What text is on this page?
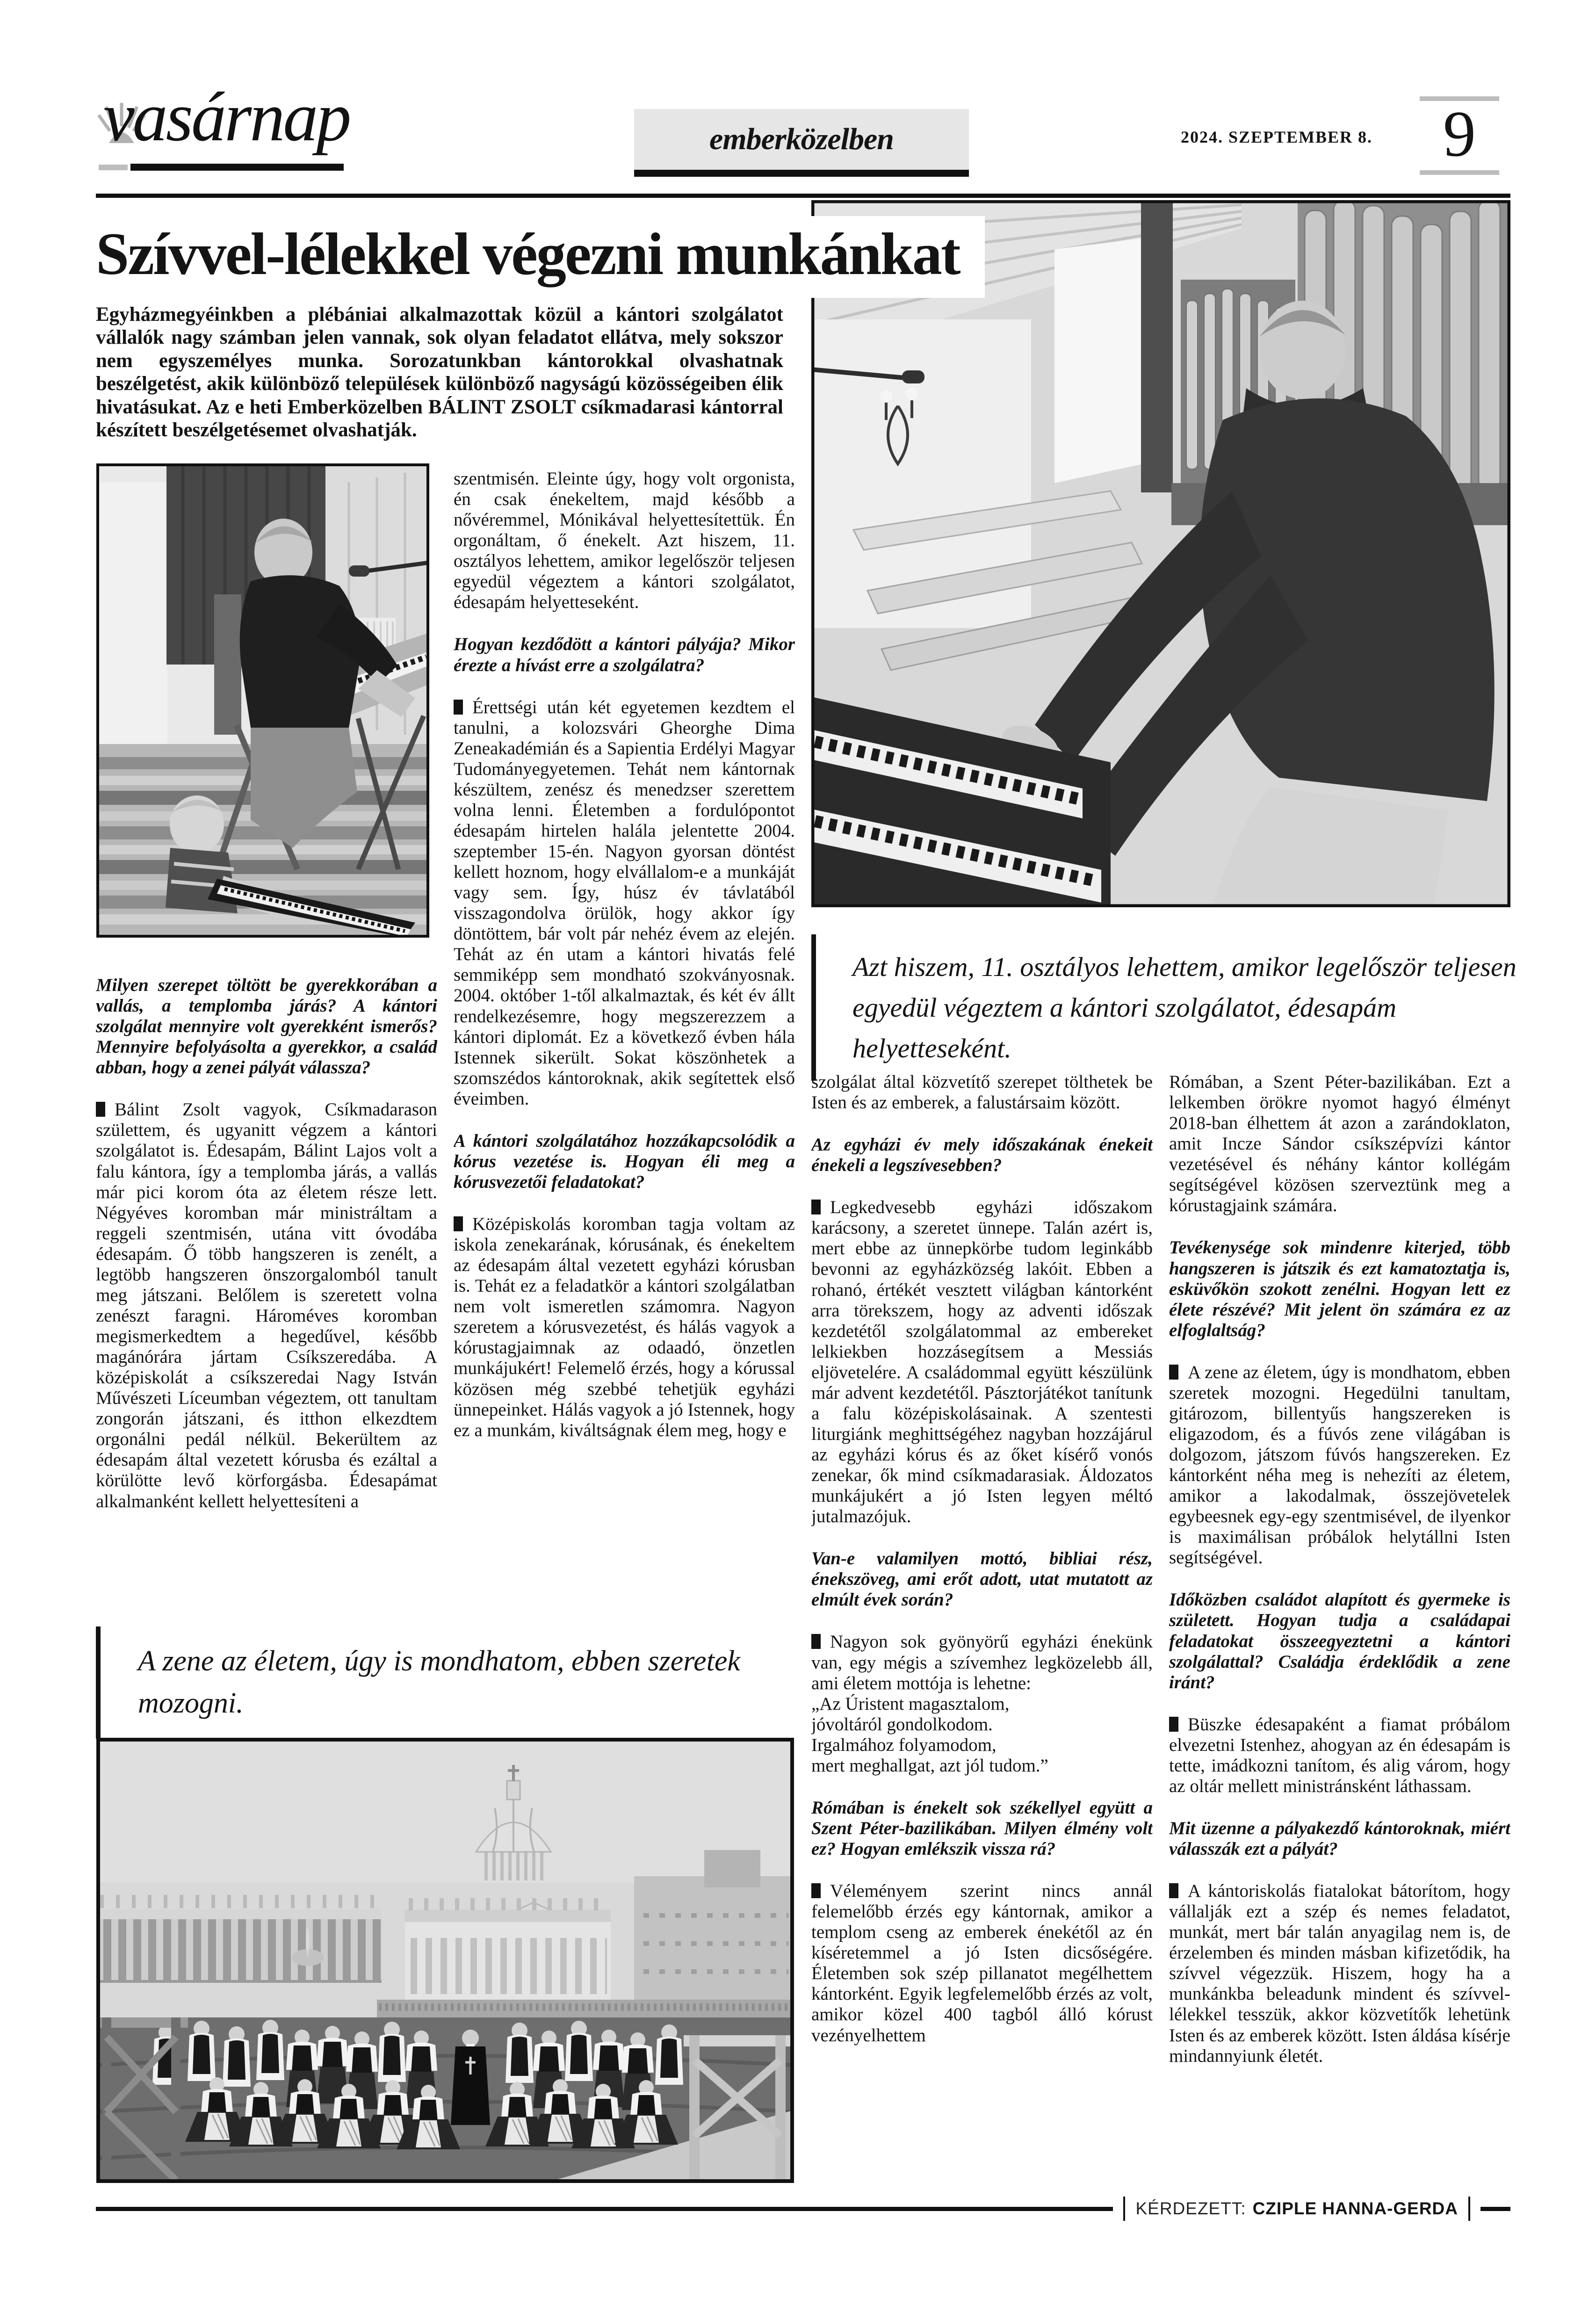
vasárnap	emberközelben	2024. SZEPTEMBER 8.	9
Szívvel-lélekkel végezni munkánkat

Egyházmegyéinkben a plébániai alkalmazottak közül a kántori szolgálatot vállalók nagy számban jelen vannak, sok olyan feladatot ellátva, mely sokszor nem egyszemélyes munka. Sorozatunkban kántorokkal olvashatnak beszélgetést, akik különböző települések különböző nagyságú közösségeiben élik hivatásukat. Az e heti Emberközelben BÁLINT ZSOLT csíkmadarasi kántorral készített beszélgetésemet olvashatják.

Milyen szerepet töltött be gyerekkorában a vallás, a templomba járás? A kántori szolgálat mennyire volt gyerekként ismerős? Mennyire befolyásolta a gyerekkor, a család abban, hogy a zenei pályát válassza?

Bálint Zsolt vagyok, Csíkmadarason születtem, és ugyanitt végzem a kántori szolgálatot is. Édesapám, Bálint Lajos volt a falu kántora, így a templomba járás, a vallás már pici korom óta az életem része lett. Négyéves koromban már ministráltam a reggeli szentmisén, utána vitt óvodába édesapám. Ő több hangszeren is zenélt, a legtöbb hangszeren önszorgalomból tanult meg játszani. Belőlem is szeretett volna zenészt faragni. Hároméves koromban megismerkedtem a hegedűvel, később magánórára jártam Csíkszeredába. A középiskolát a csíkszeredai Nagy István Művészeti Líceumban végeztem, ott tanultam zongorán játszani, és itthon elkezdtem orgonálni pedál nélkül. Bekerültem az édesapám által vezetett kórusba és ezáltal a körülötte levő körforgásba. Édesapámat alkalmanként kellett helyettesíteni a

szentmisén. Eleinte úgy, hogy volt orgonista, én csak énekeltem, majd később a nővéremmel, Mónikával helyettesítettük. Én orgonáltam, ő énekelt. Azt hiszem, 11. osztályos lehettem, amikor legelőször teljesen egyedül végeztem a kántori szolgálatot, édesapám helyetteseként.

Hogyan kezdődött a kántori pályája? Mikor érezte a hívást erre a szolgálatra?

Érettségi után két egyetemen kezdtem el tanulni, a kolozsvári Gheorghe Dima Zeneakadémián és a Sapientia Erdélyi Magyar Tudományegyetemen. Tehát nem kántornak készültem, zenész és menedzser szerettem volna lenni. Életemben a fordulópontot édesapám hirtelen halála jelentette 2004. szeptember 15-én. Nagyon gyorsan döntést kellett hoznom, hogy elvállalom-e a munkáját vagy sem. Így, húsz év távlatából visszagondolva örülök, hogy akkor így döntöttem, bár volt pár nehéz évem az elején. Tehát az én utam a kántori hivatás felé semmiképp sem mondható szokványosnak. 2004. október 1-től alkalmaztak, és két év állt rendelkezésemre, hogy megszerezzem a kántori diplomát. Ez a következő évben hála Istennek sikerült. Sokat köszönhetek a szomszédos kántoroknak, akik segítettek első éveimben.

A kántori szolgálatához hozzákapcsolódik a kórus vezetése is. Hogyan éli meg a kórusvezetői feladatokat?

Középiskolás koromban tagja voltam az iskola zenekarának, kórusának, és énekeltem az édesapám által vezetett egyházi kórusban is. Tehát ez a feladatkör a kántori szolgálatban nem volt ismeretlen számomra. Nagyon szeretem a kórusvezetést, és hálás vagyok a kórustagjaimnak az odaadó, önzetlen munkájukért! Felemelő érzés, hogy a kórussal közösen még szebbé tehetjük egyházi ünnepeinket. Hálás vagyok a jó Istennek, hogy ez a munkám, kiváltságnak élem meg, hogy e

Azt hiszem, 11. osztályos lehettem, amikor legelőször teljesen egyedül végeztem a kántori szolgálatot, édesapám helyetteseként.

szolgálat által közvetítő szerepet tölthetek be Isten és az emberek, a falustársaim között.

Az egyházi év mely időszakának énekeit énekeli a legszívesebben?

Legkedvesebb egyházi időszakom karácsony, a szeretet ünnepe. Talán azért is, mert ebbe az ünnepkörbe tudom leginkább bevonni az egyházközség lakóit. Ebben a rohanó, értékét vesztett világban kántorként arra törekszem, hogy az adventi időszak kezdetétől szolgálatommal az embereket lelkiekben hozzásegítsem a Messiás eljövetelére. A családommal együtt készülünk már advent kezdetétől. Pásztorjátékot tanítunk a falu középiskolásainak. A szentesti liturgiánk meghittségéhez nagyban hozzájárul az egyházi kórus és az őket kísérő vonós zenekar, ők mind csíkmadarasiak. Áldozatos munkájukért a jó Isten legyen méltó jutalmazójuk.

Van-e valamilyen mottó, bibliai rész, énekszöveg, ami erőt adott, utat mutatott az elmúlt évek során?

Nagyon sok gyönyörű egyházi énekünk van, egy mégis a szívemhez legközelebb áll, ami életem mottója is lehetne:

„Az Úristent magasztalom,

jóvoltáról gondolkodom.

Irgalmához folyamodom,

mert meghallgat, azt jól tudom.”

Rómában is énekelt sok székellyel együtt a Szent Péter-bazilikában. Milyen élmény volt ez? Hogyan emlékszik vissza rá?

Véleményem szerint nincs annál felemelőbb érzés egy kántornak, amikor a templom cseng az emberek énekétől az én kíséretemmel a jó Isten dicsőségére. Életemben sok szép pillanatot megélhettem kántorként. Egyik legfelemelőbb érzés az volt, amikor közel 400 tagból álló kórust vezényelhettem

Rómában, a Szent Péter-bazilikában. Ezt a lelkemben örökre nyomot hagyó élményt 2018-ban élhettem át azon a zarándoklaton, amit Incze Sándor csíkszépvízi kántor vezetésével és néhány kántor kollégám segítségével közösen szerveztünk meg a kórustagjaink számára.

Tevékenysége sok mindenre kiterjed, több hangszeren is játszik és ezt kamatoztatja is, esküvőkön szokott zenélni. Hogyan lett ez élete részévé? Mit jelent ön számára ez az elfoglaltság?

A zene az életem, úgy is mondhatom, ebben szeretek mozogni. Hegedülni tanultam, gitározom, billentyűs hangszereken is eligazodom, és a fúvós zene világában is dolgozom, játszom fúvós hangszereken. Ez kántorként néha meg is nehezíti az életem, amikor a lakodalmak, összejövetelek egybeesnek egy-egy szentmisével, de ilyenkor is maximálisan próbálok helytállni Isten segítségével.

Időközben családot alapított és gyermeke is született. Hogyan tudja a családapai feladatokat összeegyeztetni a kántori szolgálattal? Családja érdeklődik a zene iránt?

Büszke édesapaként a fiamat próbálom elvezetni Istenhez, ahogyan az én édesapám is tette, imádkozni tanítom, és alig várom, hogy az oltár mellett ministránsként láthassam.

Mit üzenne a pályakezdő kántoroknak, miért válasszák ezt a pályát?

A kántoriskolás fiatalokat bátorítom, hogy vállalják ezt a szép és nemes feladatot, munkát, mert bár talán anyagilag nem is, de érzelemben és minden másban kifizetődik, ha szívvel végezzük. Hiszem, hogy ha a munkánkba beleadunk mindent és szívvel-lélekkel tesszük, akkor közvetítők lehetünk Isten és az emberek között. Isten áldása kísérje mindannyiunk életét.

A zene az életem, úgy is mondhatom, ebben szeretek mozogni.
KÉRDEZETT: CZIPLE HANNA-GERDA
